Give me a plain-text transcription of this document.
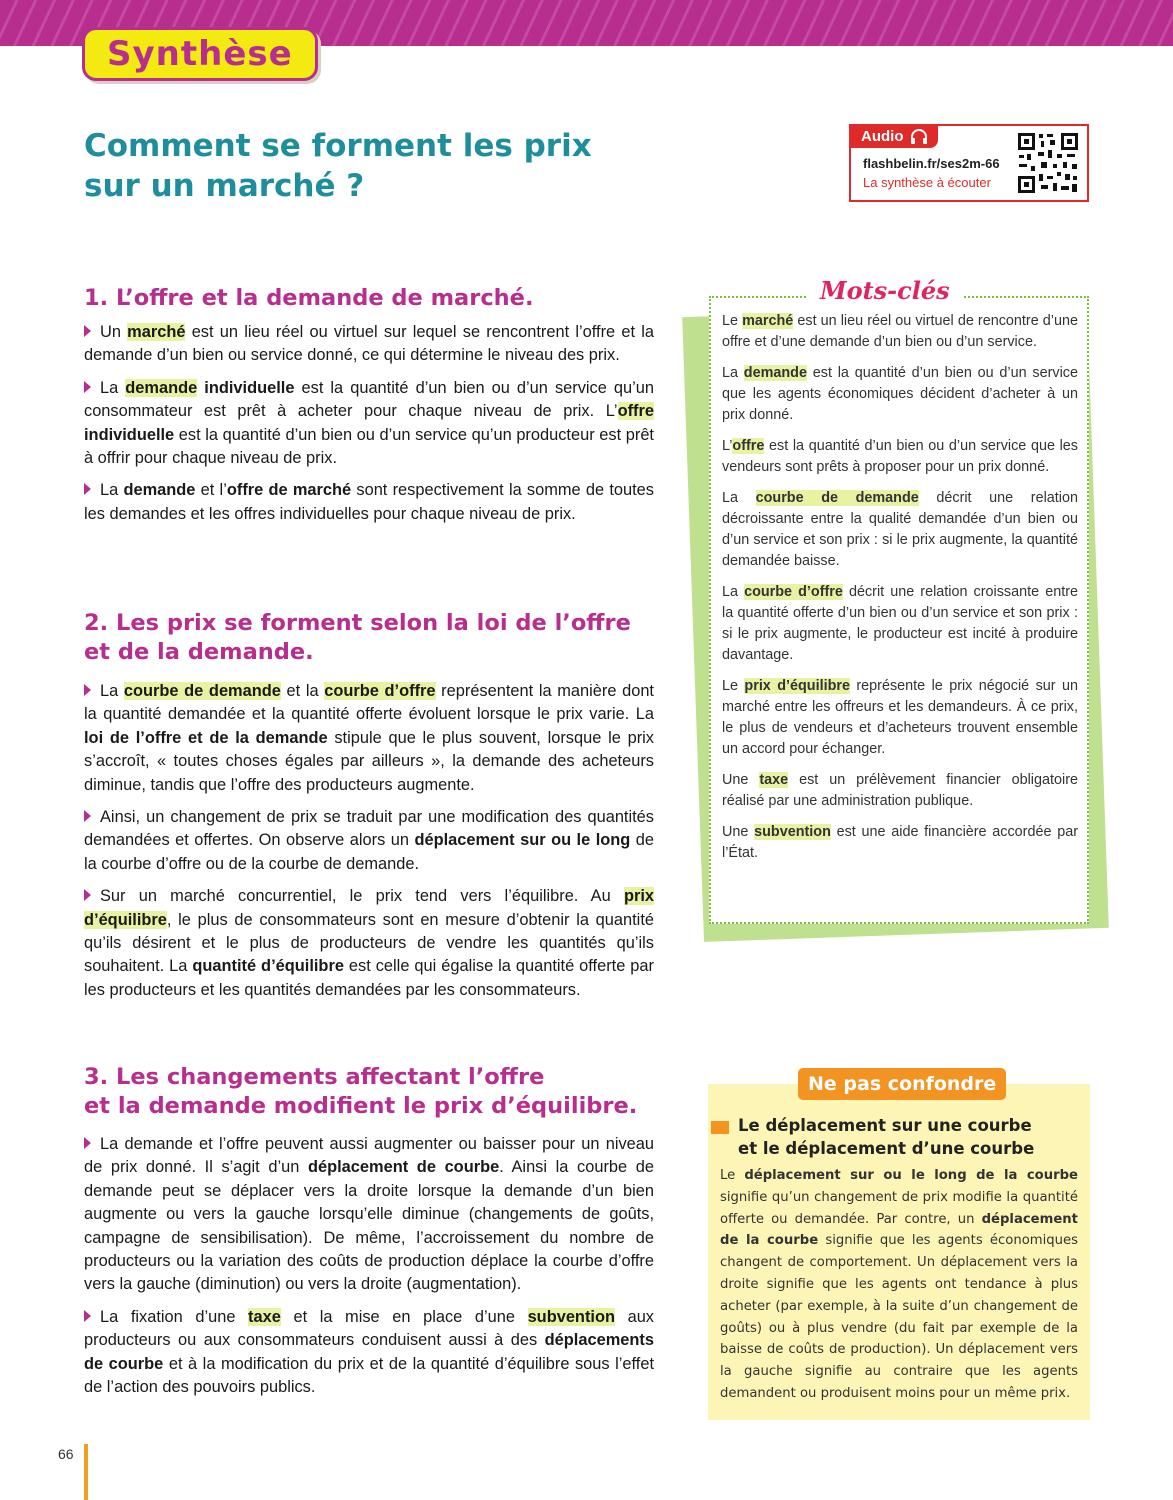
Synthèse
Comment se forment les prix
sur un marché ?
Audio
flashbelin.fr/ses2m-66
La synthèse à écouter
1. L’offre et la demande de marché.

Un marché est un lieu réel ou virtuel sur lequel se rencontrent l’offre et la demande d’un bien ou service donné, ce qui détermine le niveau des prix.

La demande individuelle est la quantité d’un bien ou d’un service qu’un consommateur est prêt à acheter pour chaque niveau de prix. L’offre individuelle est la quantité d’un bien ou d’un service qu’un producteur est prêt à offrir pour chaque niveau de prix.

La demande et l’offre de marché sont respectivement la somme de toutes les demandes et les offres individuelles pour chaque niveau de prix.

2. Les prix se forment selon la loi de l’offre
et de la demande.

La courbe de demande et la courbe d’offre représentent la manière dont la quantité demandée et la quantité offerte évoluent lorsque le prix varie. La loi de l’offre et de la demande stipule que le plus souvent, lorsque le prix s’accroît, « toutes choses égales par ailleurs », la demande des acheteurs diminue, tandis que l’offre des producteurs augmente.

Ainsi, un changement de prix se traduit par une modification des quantités demandées et offertes. On observe alors un déplacement sur ou le long de la courbe d’offre ou de la courbe de demande.

Sur un marché concurrentiel, le prix tend vers l’équilibre. Au prix d’équilibre, le plus de consommateurs sont en mesure d’obtenir la quantité qu’ils désirent et le plus de producteurs de vendre les quantités qu’ils souhaitent. La quantité d’équilibre est celle qui égalise la quantité offerte par les producteurs et les quantités demandées par les consommateurs.

3. Les changements affectant l’offre
et la demande modifient le prix d’équilibre.

La demande et l’offre peuvent aussi augmenter ou baisser pour un niveau de prix donné. Il s’agit d’un déplacement de courbe. Ainsi la courbe de demande peut se déplacer vers la droite lorsque la demande d’un bien augmente ou vers la gauche lorsqu’elle diminue (changements de goûts, campagne de sensibilisation). De même, l’accroissement du nombre de producteurs ou la variation des coûts de production déplace la courbe d’offre vers la gauche (diminution) ou vers la droite (augmentation).

La fixation d’une taxe et la mise en place d’une subvention aux producteurs ou aux consommateurs conduisent aussi à des déplacements de courbe et à la modification du prix et de la quantité d’équilibre sous l’effet de l’action des pouvoirs publics.

Mots-clés

Le marché est un lieu réel ou virtuel de rencontre d’une offre et d’une demande d’un bien ou d’un service.

La demande est la quantité d’un bien ou d’un service que les agents économiques décident d’acheter à un prix donné.

L’offre est la quantité d’un bien ou d’un service que les vendeurs sont prêts à proposer pour un prix donné.

La courbe de demande décrit une relation décroissante entre la qualité demandée d’un bien ou d’un service et son prix : si le prix augmente, la quantité demandée baisse.

La courbe d’offre décrit une relation croissante entre la quantité offerte d’un bien ou d’un service et son prix : si le prix augmente, le producteur est incité à produire davantage.

Le prix d’équilibre représente le prix négocié sur un marché entre les offreurs et les demandeurs. À ce prix, le plus de vendeurs et d’acheteurs trouvent ensemble un accord pour échanger.

Une taxe est un prélèvement financier obligatoire réalisé par une administration publique.

Une subvention est une aide financière accordée par l’État.

Ne pas confondre
Le déplacement sur une courbe
et le déplacement d’une courbe

Le déplacement sur ou le long de la courbe signifie qu’un changement de prix modifie la quantité offerte ou demandée. Par contre, un déplacement de la courbe signifie que les agents économiques changent de comportement. Un déplacement vers la droite signifie que les agents ont tendance à plus acheter (par exemple, à la suite d’un changement de goûts) ou à plus vendre (du fait par exemple de la baisse de coûts de production). Un déplacement vers la gauche signifie au contraire que les agents demandent ou produisent moins pour un même prix.

66
